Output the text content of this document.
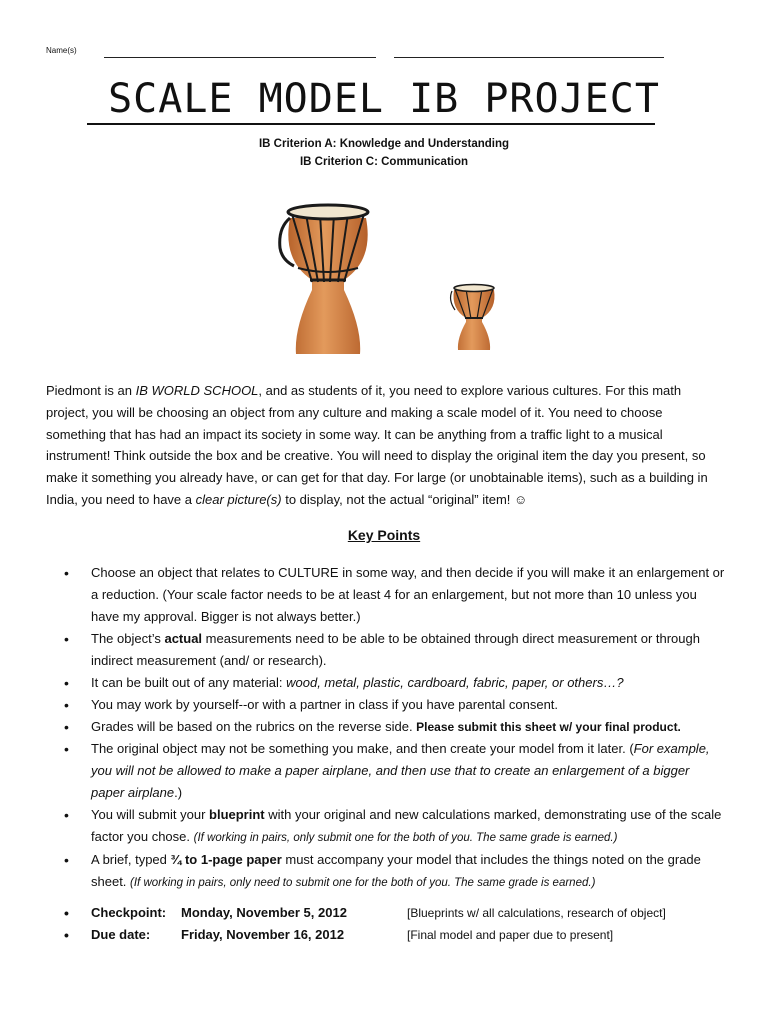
Name(s)
SCALE MODEL IB PROJECT
IB Criterion A: Knowledge and Understanding
IB Criterion C: Communication

Piedmont is an IB WORLD SCHOOL, and as students of it, you need to explore various cultures. For this math project, you will be choosing an object from any culture and making a scale model of it. You need to choose something that has had an impact its society in some way. It can be anything from a traffic light to a musical instrument! Think outside the box and be creative. You will need to display the original item the day you present, so make it something you already have, or can get for that day. For large (or unobtainable items), such as a building in India, you need to have a clear picture(s) to display, not the actual “original” item! ☺

Key Points
• Choose an object that relates to CULTURE in some way, and then decide if you will make it an enlargement or a reduction. (Your scale factor needs to be at least 4 for an enlargement, but not more than 10 unless you have my approval. Bigger is not always better.)
• The object’s actual measurements need to be able to be obtained through direct measurement or through indirect measurement (and/ or research).
• It can be built out of any material: wood, metal, plastic, cardboard, fabric, paper, or others…?
• You may work by yourself--or with a partner in class if you have parental consent.
• Grades will be based on the rubrics on the reverse side. Please submit this sheet w/ your final product.
• The original object may not be something you make, and then create your model from it later. (For example, you will not be allowed to make a paper airplane, and then use that to create an enlargement of a bigger paper airplane.)
• You will submit your blueprint with your original and new calculations marked, demonstrating use of the scale factor you chose. (If working in pairs, only submit one for the both of you. The same grade is earned.)
• A brief, typed ¾ to 1-page paper must accompany your model that includes the things noted on the grade sheet. (If working in pairs, only need to submit one for the both of you. The same grade is earned.)
• Checkpoint: Monday, November 5, 2012	[Blueprints w/ all calculations, research of object]
• Due date: Friday, November 16, 2012	[Final model and paper due to present]
